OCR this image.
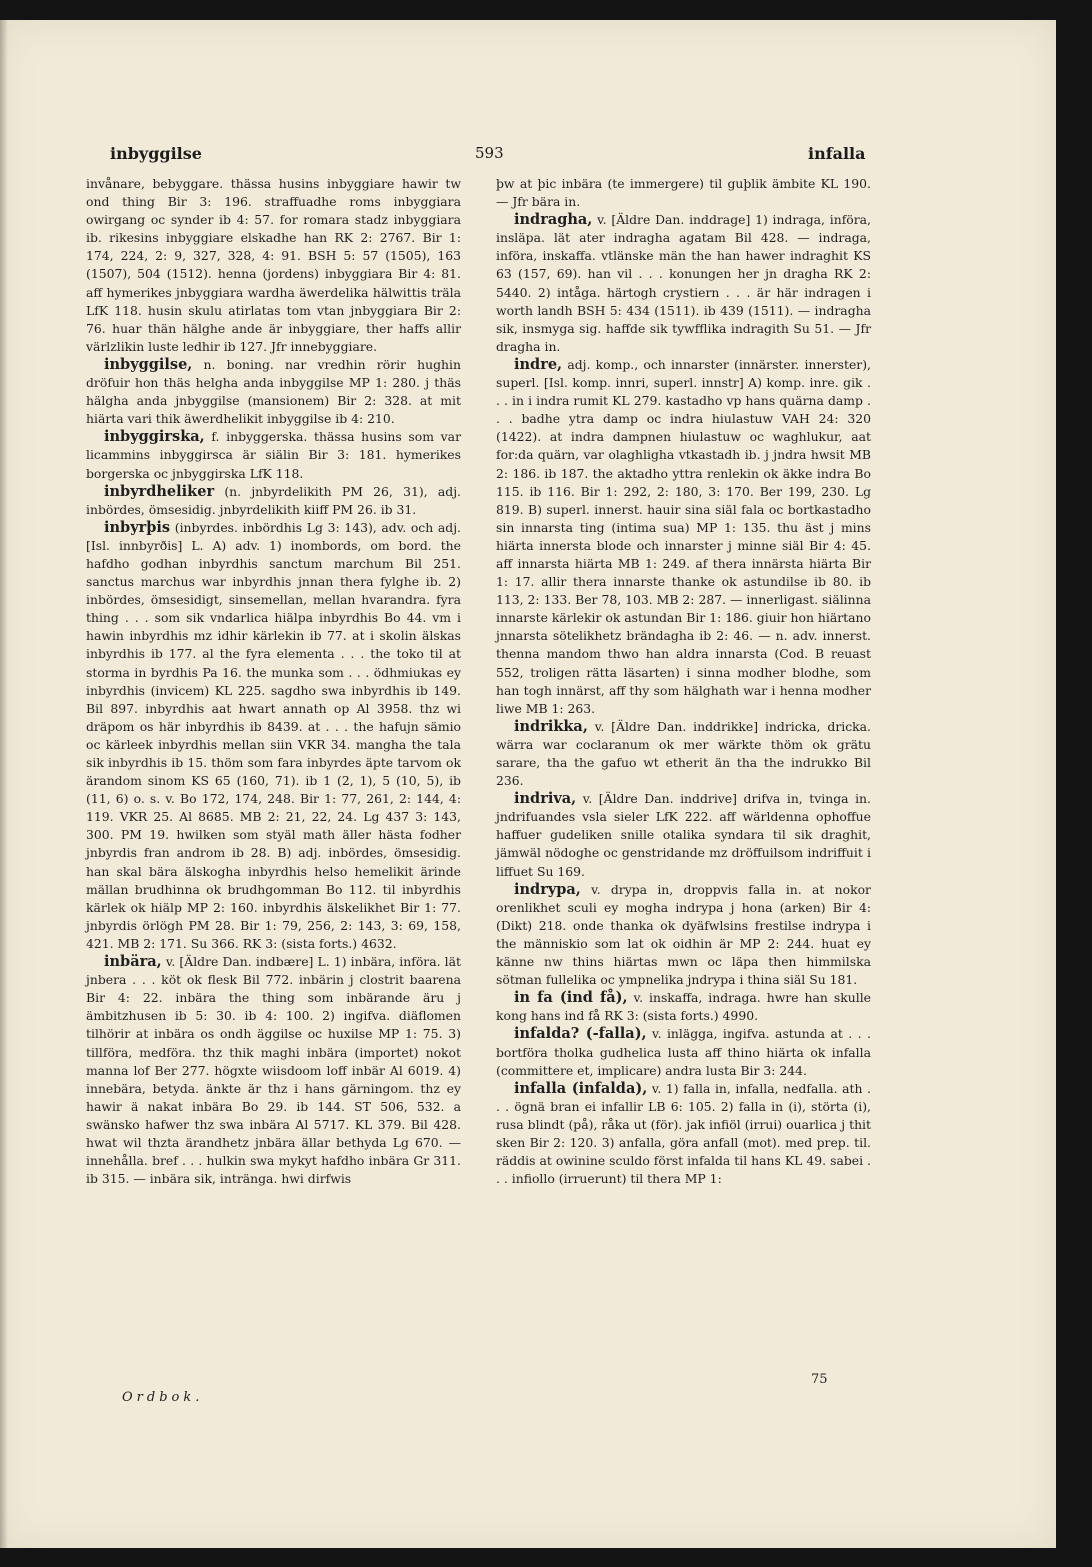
inbyggilse	593	infalla

invånare, bebyggare. thässa husins inbyggiare hawir tw ond thing Bir 3: 196. straffuadhe roms inbyggiara owirgang oc synder ib 4: 57. for romara stadz inbyggiara ib. rikesins inbyggiare elskadhe han RK 2: 2767. Bir 1: 174, 224, 2: 9, 327, 328, 4: 91. BSH 5: 57 (1505), 163 (1507), 504 (1512). henna (jordens) inbyggiara Bir 4: 81. aff hymerikes jnbyggiara wardha äwerdelika hälwittis träla LfK 118. husin skulu atirlatas tom vtan jnbyggiara Bir 2: 76. huar thän hälghe ande är inbyggiare, ther haffs allir värlzlikin luste ledhir ib 127. Jfr innebyggiare.

inbyggilse, n. boning. nar vredhin rörir hughin dröfuir hon thäs helgha anda inbyggilse MP 1: 280. j thäs hälgha anda jnbyggilse (mansionem) Bir 2: 328. at mit hiärta vari thik äwerdhelikit inbyggilse ib 4: 210.

inbyggirska, f. inbyggerska. thässa husins som var licammins inbyggirsca är siälin Bir 3: 181. hymerikes borgerska oc jnbyggirska LfK 118.

inbyrdheliker (n. jnbyrdelikith PM 26, 31), adj. inbördes, ömsesidig. jnbyrdelikith kiiff PM 26. ib 31.

inbyrþis (inbyrdes. inbördhis Lg 3: 143), adv. och adj. [Isl. innbyrðis] L. A) adv. 1) inombords, om bord. the hafdho godhan inbyrdhis sanctum marchum Bil 251. sanctus marchus war inbyrdhis jnnan thera fylghe ib. 2) inbördes, ömsesidigt, sinsemellan, mellan hvarandra. fyra thing . . . som sik vndarlica hiälpa inbyrdhis Bo 44. vm i hawin inbyrdhis mz idhir kärlekin ib 77. at i skolin älskas inbyrdhis ib 177. al the fyra elementa . . . the toko til at storma in byrdhis Pa 16. the munka som . . . ödhmiukas ey inbyrdhis (invicem) KL 225. sagdho swa inbyrdhis ib 149. Bil 897. inbyrdhis aat hwart annath op Al 3958. thz wi dräpom os här inbyrdhis ib 8439. at . . . the hafujn sämio oc kärleek inbyrdhis mellan siin VKR 34. mangha the tala sik inbyrdhis ib 15. thöm som fara inbyrdes äpte tarvom ok ärandom sinom KS 65 (160, 71). ib 1 (2, 1), 5 (10, 5), ib (11, 6) o. s. v. Bo 172, 174, 248. Bir 1: 77, 261, 2: 144, 4: 119. VKR 25. Al 8685. MB 2: 21, 22, 24. Lg 437 3: 143, 300. PM 19. hwilken som styäl math äller hästa fodher jnbyrdis fran androm ib 28. B) adj. inbördes, ömsesidig. han skal bära älskogha inbyrdhis helso hemelikit ärinde mällan brudhinna ok brudhgomman Bo 112. til inbyrdhis kärlek ok hiälp MP 2: 160. inbyrdhis älskelikhet Bir 1: 77. jnbyrdis örlögh PM 28. Bir 1: 79, 256, 2: 143, 3: 69, 158, 421. MB 2: 171. Su 366. RK 3: (sista forts.) 4632.

inbära, v. [Äldre Dan. indbære] L. 1) inbära, införa. lät jnbera . . . köt ok flesk Bil 772. inbärin j clostrit baarena Bir 4: 22. inbära the thing som inbärande äru j ämbitzhusen ib 5: 30. ib 4: 100. 2) ingifva. diäflomen tilhörir at inbära os ondh äggilse oc huxilse MP 1: 75. 3) tillföra, medföra. thz thik maghi inbära (importet) nokot manna lof Ber 277. högxte wiisdoom loff inbär Al 6019. 4) innebära, betyda. änkte är thz i hans gärningom. thz ey hawir ä nakat inbära Bo 29. ib 144. ST 506, 532. a swänsko hafwer thz swa inbära Al 5717. KL 379. Bil 428. hwat wil thzta ärandhetz jnbära ällar bethyda Lg 670. — innehålla. bref . . . hulkin swa mykyt hafdho inbära Gr 311. ib 315. — inbära sik, intränga. hwi dirfwis

þw at þic inbära (te immergere) til guþlik ämbite KL 190. — Jfr bära in.

indragha, v. [Äldre Dan. inddrage] 1) indraga, införa, insläpa. lät ater indragha agatam Bil 428. — indraga, införa, inskaffa. vtlänske män the han hawer indraghit KS 63 (157, 69). han vil . . . konungen her jn dragha RK 2: 5440. 2) intåga. härtogh crystiern . . . är här indragen i worth landh BSH 5: 434 (1511). ib 439 (1511). — indragha sik, insmyga sig. haffde sik tywfflika indragith Su 51. — Jfr dragha in.

indre, adj. komp., och innarster (innärster. innerster), superl. [Isl. komp. innri, superl. innstr] A) komp. inre. gik . . . in i indra rumit KL 279. kastadho vp hans quärna damp . . . badhe ytra damp oc indra hiulastuw VAH 24: 320 (1422). at indra dampnen hiulastuw oc waghlukur, aat for:da quärn, var olaghligha vtkastadh ib. j jndra hwsit MB 2: 186. ib 187. the aktadho yttra renlekin ok äkke indra Bo 115. ib 116. Bir 1: 292, 2: 180, 3: 170. Ber 199, 230. Lg 819. B) superl. innerst. hauir sina siäl fala oc bortkastadho sin innarsta ting (intima sua) MP 1: 135. thu äst j mins hiärta innersta blode och innarster j minne siäl Bir 4: 45. aff innarsta hiärta MB 1: 249. af thera innärsta hiärta Bir 1: 17. allir thera innarste thanke ok astundilse ib 80. ib 113, 2: 133. Ber 78, 103. MB 2: 287. — innerligast. siälinna innarste kärlekir ok astundan Bir 1: 186. giuir hon hiärtano jnnarsta sötelikhetz brändagha ib 2: 46. — n. adv. innerst. thenna mandom thwo han aldra innarsta (Cod. B reuast 552, troligen rätta läsarten) i sinna modher blodhe, som han togh innärst, aff thy som hälghath war i henna modher liwe MB 1: 263.

indrikka, v. [Äldre Dan. inddrikke] indricka, dricka. wärra war coclaranum ok mer wärkte thöm ok grätu sarare, tha the gafuo wt etherit än tha the indrukko Bil 236.

indriva, v. [Äldre Dan. inddrive] drifva in, tvinga in. jndrifuandes vsla sieler LfK 222. aff wärldenna ophoffue haffuer gudeliken snille otalika syndara til sik draghit, jämwäl nödoghe oc genstridande mz dröffuilsom indriffuit i liffuet Su 169.

indrypa, v. drypa in, droppvis falla in. at nokor orenlikhet sculi ey mogha indrypa j hona (arken) Bir 4: (Dikt) 218. onde thanka ok dyäfwlsins frestilse indrypa i the människio som lat ok oidhin är MP 2: 244. huat ey känne nw thins hiärtas mwn oc läpa then himmilska sötman fullelika oc ympnelika jndrypa i thina siäl Su 181.

in fa (ind få), v. inskaffa, indraga. hwre han skulle kong hans ind få RK 3: (sista forts.) 4990.

infalda? (-falla), v. inlägga, ingifva. astunda at . . . bortföra tholka gudhelica lusta aff thino hiärta ok infalla (committere et, implicare) andra lusta Bir 3: 244.

infalla (infalda), v. 1) falla in, infalla, nedfalla. ath . . . ögnä bran ei infallir LB 6: 105. 2) falla in (i), störta (i), rusa blindt (på), råka ut (för). jak infiöl (irrui) ouarlica j thit sken Bir 2: 120. 3) anfalla, göra anfall (mot). med prep. til. räddis at owinine sculdo först infalda til hans KL 49. sabei . . . infiollo (irruerunt) til thera MP 1:

Ordbok.
75
